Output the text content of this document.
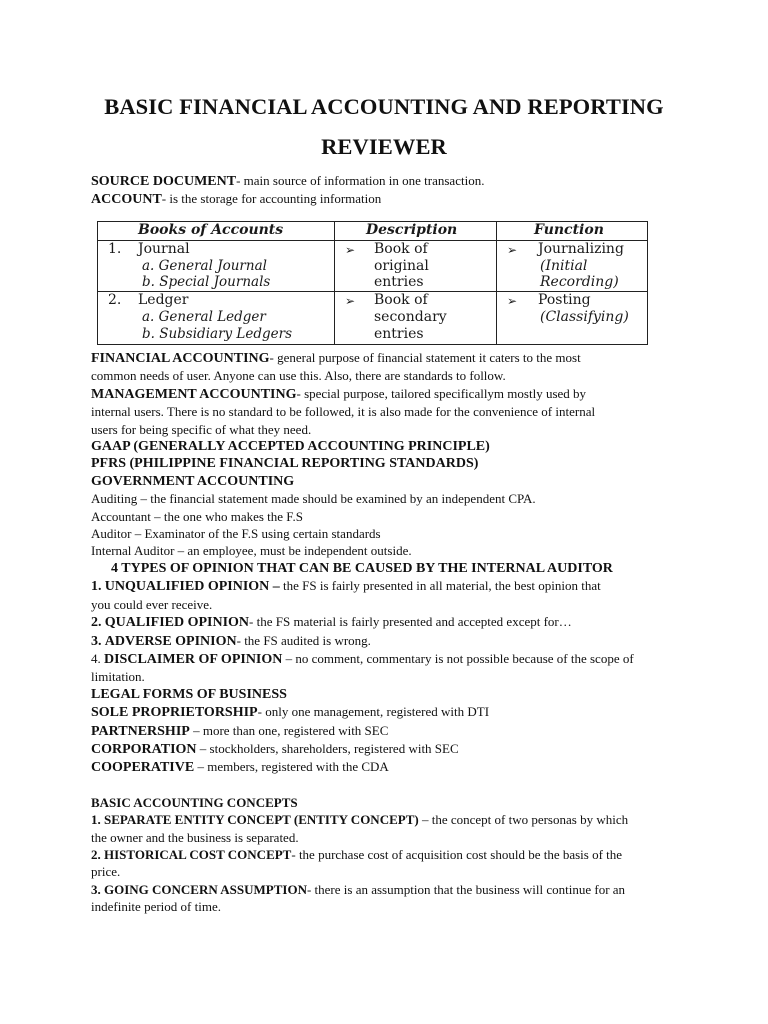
BASIC FINANCIAL ACCOUNTING AND REPORTING
REVIEWER
SOURCE DOCUMENT- main source of information in one transaction.
ACCOUNT- is the storage for accounting information
Books of Accounts	Description	Function
1. Journal
a. General Journal
b. Special Journals
➢ Book of
original
entries
➢ Journalizing
(Initial
Recording)
2. Ledger
a. General Ledger
b. Subsidiary Ledgers
➢ Book of
secondary
entries
➢ Posting
(Classifying)
FINANCIAL ACCOUNTING- general purpose of financial statement it caters to the most
common needs of user. Anyone can use this. Also, there are standards to follow.
MANAGEMENT ACCOUNTING- special purpose, tailored specificallym mostly used by
internal users. There is no standard to be followed, it is also made for the convenience of internal
users for being specific of what they need.
GAAP (GENERALLY ACCEPTED ACCOUNTING PRINCIPLE)
PFRS (PHILIPPINE FINANCIAL REPORTING STANDARDS)
GOVERNMENT ACCOUNTING
Auditing – the financial statement made should be examined by an independent CPA.
Accountant – the one who makes the F.S
Auditor – Examinator of the F.S using certain standards
Internal Auditor – an employee, must be independent outside.
4 TYPES OF OPINION THAT CAN BE CAUSED BY THE INTERNAL AUDITOR
1. UNQUALIFIED OPINION – the FS is fairly presented in all material, the best opinion that
you could ever receive.
2. QUALIFIED OPINION- the FS material is fairly presented and accepted except for…
3. ADVERSE OPINION- the FS audited is wrong.
4. DISCLAIMER OF OPINION – no comment, commentary is not possible because of the scope of
limitation.
LEGAL FORMS OF BUSINESS
SOLE PROPRIETORSHIP- only one management, registered with DTI
PARTNERSHIP – more than one, registered with SEC
CORPORATION – stockholders, shareholders, registered with SEC
COOPERATIVE – members, registered with the CDA
BASIC ACCOUNTING CONCEPTS
1. SEPARATE ENTITY CONCEPT (ENTITY CONCEPT) – the concept of two personas by which
the owner and the business is separated.
2. HISTORICAL COST CONCEPT- the purchase cost of acquisition cost should be the basis of the
price.
3. GOING CONCERN ASSUMPTION- there is an assumption that the business will continue for an
indefinite period of time.
